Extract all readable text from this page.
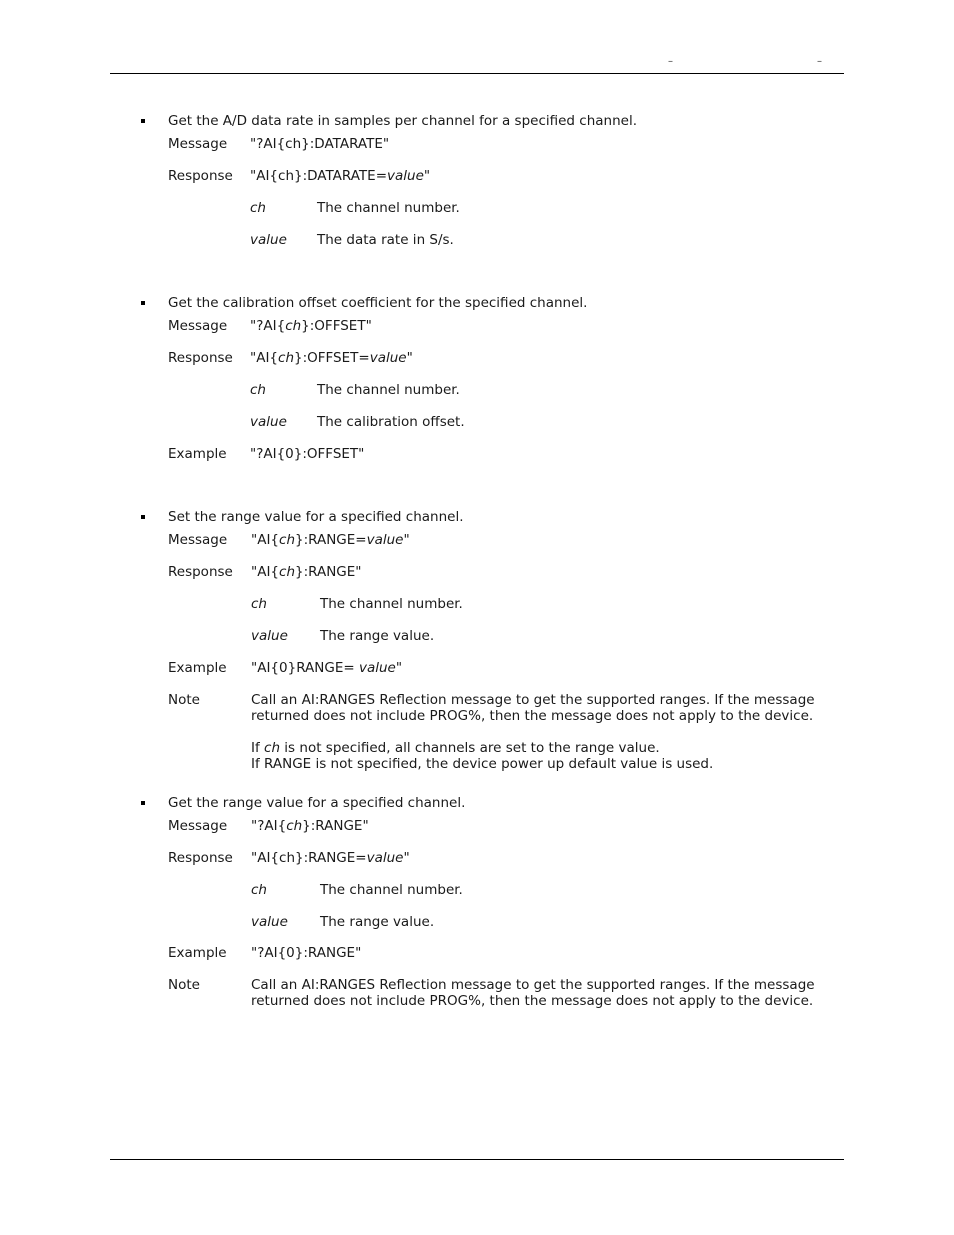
–	–
Get the A/D data rate in samples per channel for a specified channel.
Message "?AI{ch}:DATARATE"
Response "AI{ch}:DATARATE=value"
ch	The channel number.
value The data rate in S/s.
Get the calibration offset coefficient for the specified channel.
Message "?AI{ch}:OFFSET"
Response "AI{ch}:OFFSET=value"
ch	The channel number.
value The calibration offset.
Example "?AI{0}:OFFSET"
Set the range value for a specified channel.
Message "AI{ch}:RANGE=value"
Response "AI{ch}:RANGE"
ch	The channel number.
value The range value.
Example "AI{0}RANGE= value"
Note	Call an AI:RANGES Reflection message to get the supported ranges. If the message returned does not include PROG%, then the message does not apply to the device.
If ch is not specified, all channels are set to the range value.
If RANGE is not specified, the device power up default value is used.
Get the range value for a specified channel.
Message "?AI{ch}:RANGE"
Response "AI{ch}:RANGE=value"
ch	The channel number.
value The range value.
Example "?AI{0}:RANGE"
Note	Call an AI:RANGES Reflection message to get the supported ranges. If the message returned does not include PROG%, then the message does not apply to the device.
